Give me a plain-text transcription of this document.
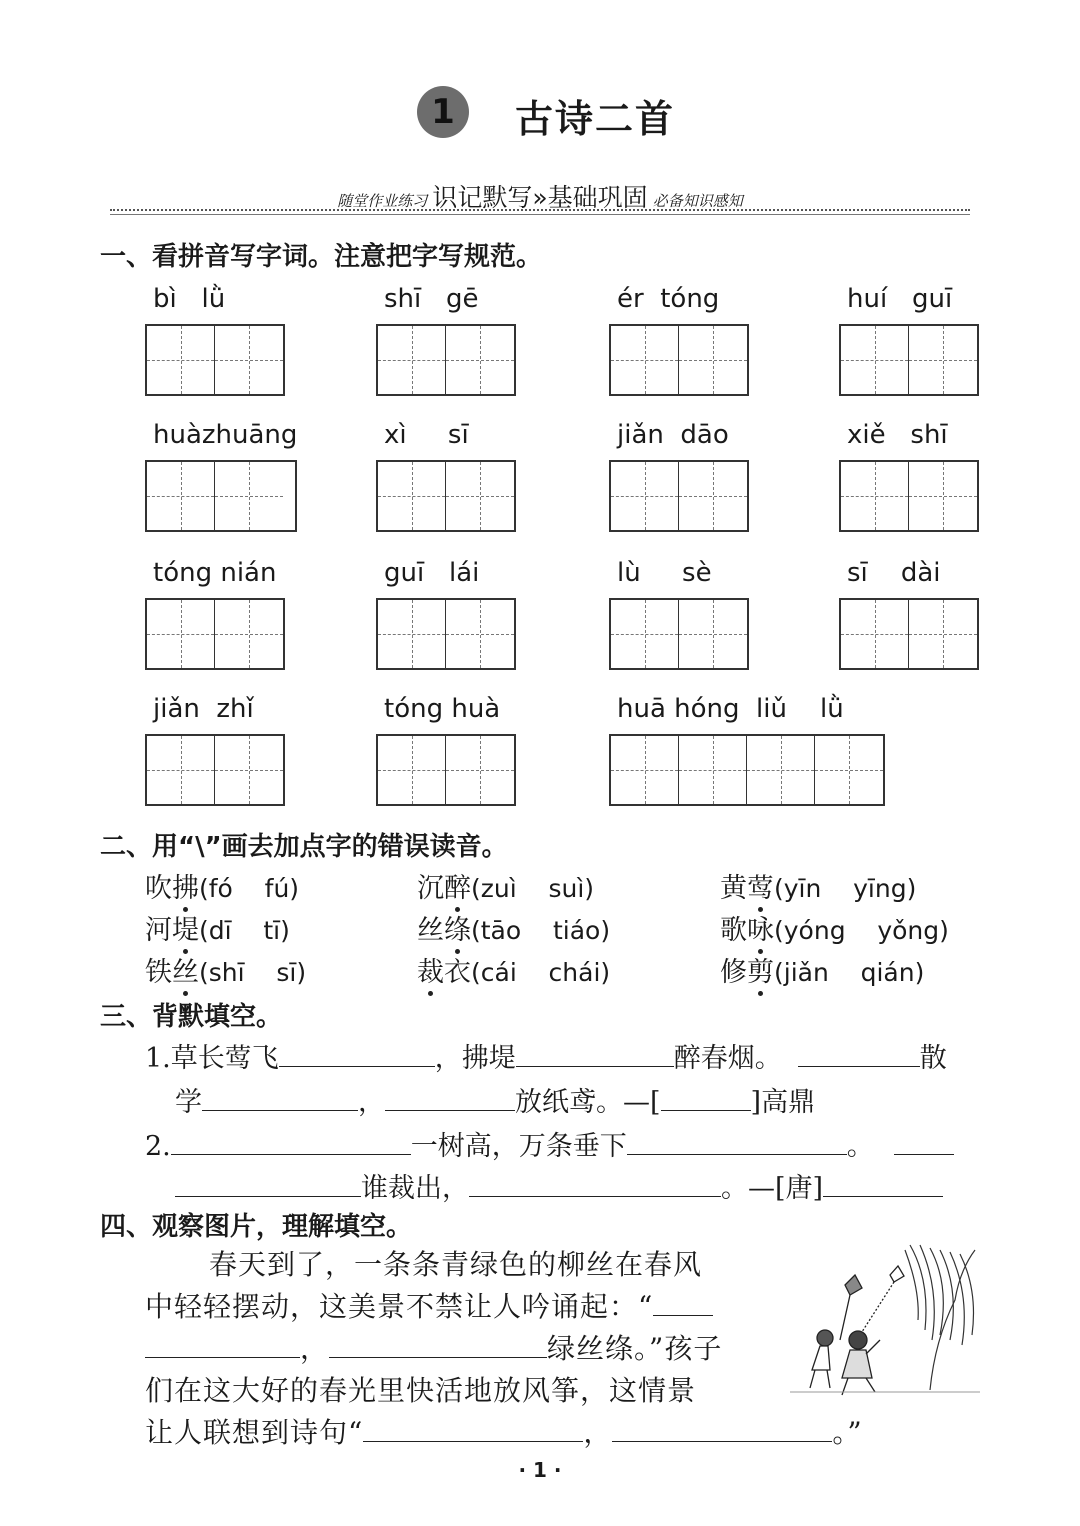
1 古诗二首
随堂作业练习 识记默写»基础巩固 必备知识感知
一、看拼音写字词。注意把字写规范。
bì   lǜ	shī   gē	ér  tóng	huí   guī
huàzhuāng	xì     sī	jiǎn  dāo	xiě   shī
tóng nián	guī   lái	lù     sè	sī    dài
jiǎn  zhǐ	tóng huà	huā hóng  liǔ    lǜ
二、用“\”画去加点字的错误读音。
吹拂(fó    fú)	沉醉(zuì    suì)	黄莺(yīn    yīng)
河堤(dī    tī)	丝绦(tāo    tiáo)	歌咏(yóng    yǒng)
铁丝(shī    sī)	裁衣(cái    chái)	修剪(jiǎn    qián)
三、背默填空。
1.草长莺飞	，拂堤	醉春烟。	散
学	，	放纸鸢。—[	]高鼎
2.	一树高，万条垂下	。
谁裁出，	。—[唐]
四、观察图片，理解填空。
春天到了，一条条青绿色的柳丝在春风
中轻轻摆动，这美景不禁让人吟诵起：“
，	绿丝绦。”孩子
们在这大好的春光里快活地放风筝，这情景
让人联想到诗句“	，	。”
· 1 ·
